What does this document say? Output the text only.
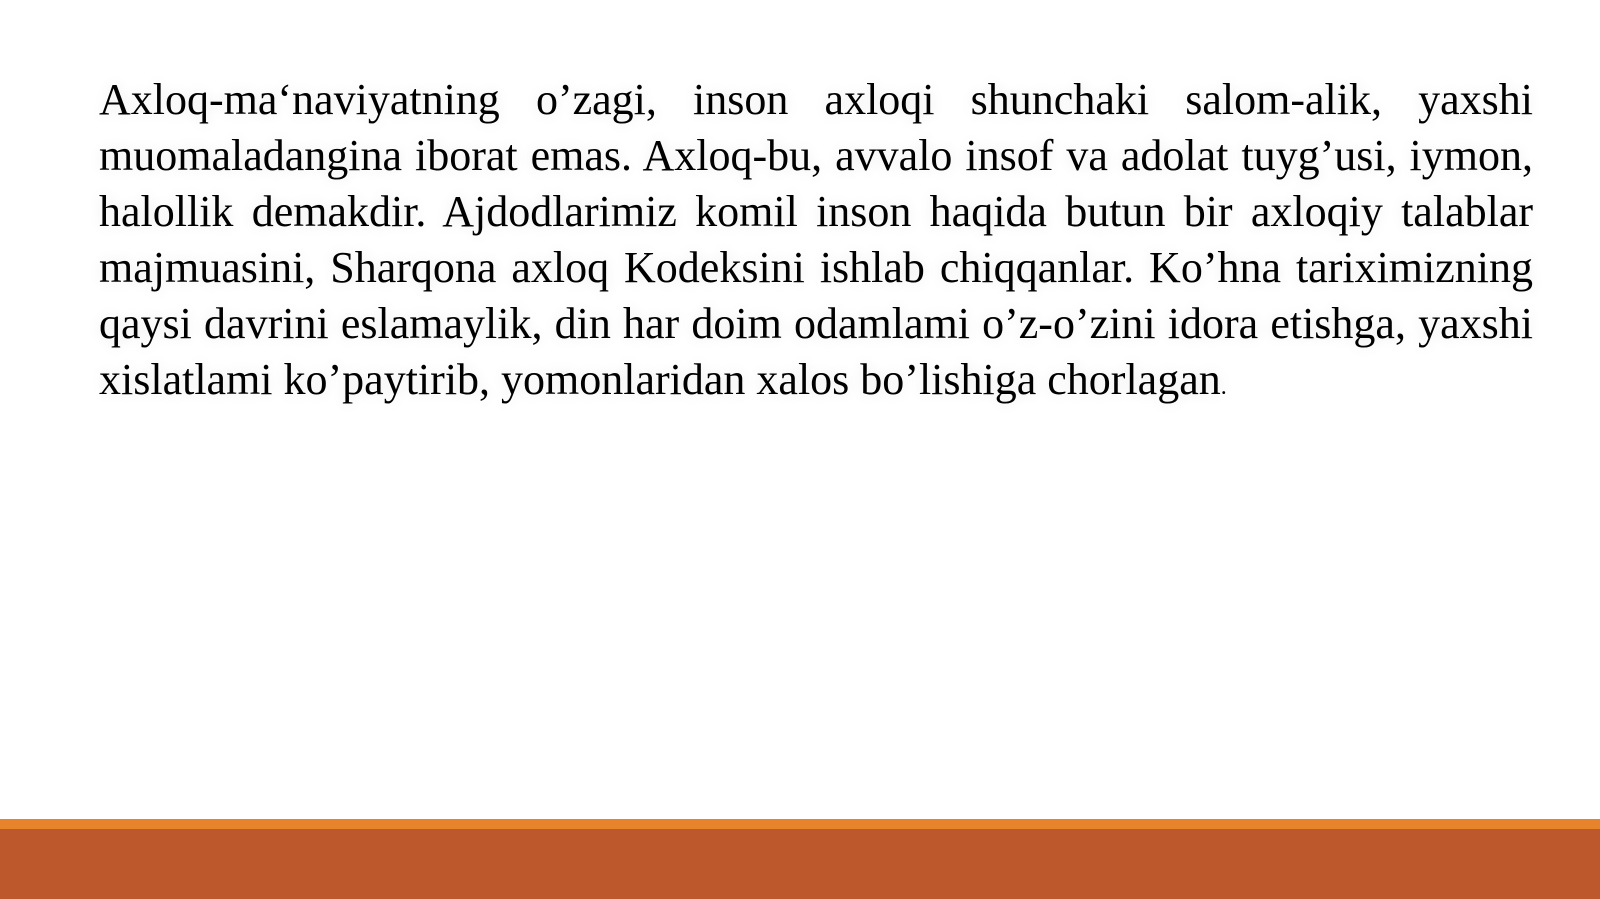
Axloq-ma‘naviyatning o’zagi, inson axloqi shunchaki salom-alik, yaxshi muomaladangina iborat emas. Axloq-bu, avvalo insof va adolat tuyg’usi, iymon, halollik demakdir. Ajdodlarimiz komil inson haqida butun bir axloqiy talablar majmuasini, Sharqona axloq Kodeksini ishlab chiqqanlar. Ko’hna tariximizning qaysi davrini eslamaylik, din har doim odamlami o’z-o’zini idora etishga, yaxshi xislatlami ko’paytirib, yomonlaridan xalos bo’lishiga chorlagan.
